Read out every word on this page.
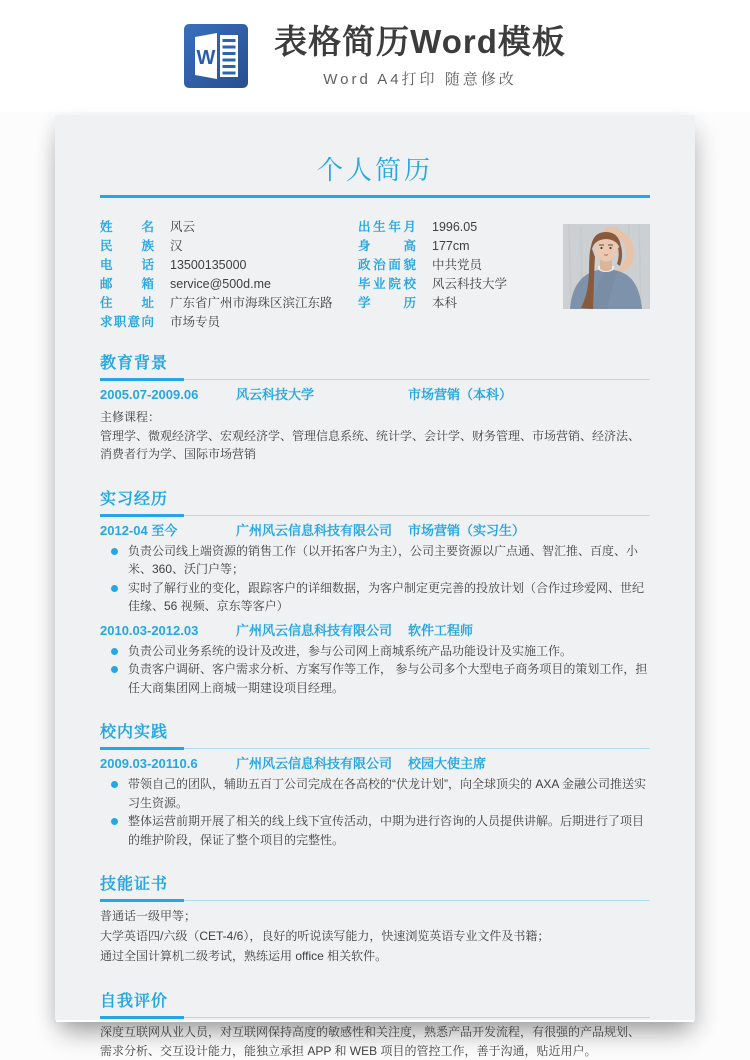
W 表格简历Word模板
Word A4打印 随意修改
个人简历
姓名 风云
民族 汉
电话 13500135000
邮箱 service@500d.me
住址 广东省广州市海珠区滨江东路
求职意向 市场专员
出生年月 1996.05
身高 177cm
政治面貌 中共党员
毕业院校 风云科技大学
学历 本科
教育背景
2005.07-2009.06	风云科技大学	市场营销（本科）

主修课程：

管理学、微观经济学、宏观经济学、管理信息系统、统计学、会计学、财务管理、市场营销、经济法、消费者行为学、国际市场营销

实习经历
2012-04 至今	广州风云信息科技有限公司	市场营销（实习生）
负责公司线上端资源的销售工作（以开拓客户为主），公司主要资源以广点通、智汇推、百度、小米、360、沃门户等；
实时了解行业的变化，跟踪客户的详细数据，为客户制定更完善的投放计划（合作过珍爱网、世纪佳缘、56 视频、京东等客户）
2010.03-2012.03	广州风云信息科技有限公司	软件工程师
负责公司业务系统的设计及改进，参与公司网上商城系统产品功能设计及实施工作。
负责客户调研、客户需求分析、方案写作等工作， 参与公司多个大型电子商务项目的策划工作，担任大商集团网上商城一期建设项目经理。
校内实践
2009.03-20110.6	广州风云信息科技有限公司	校园大使主席
带领自己的团队，辅助五百丁公司完成在各高校的“伏龙计划”，向全球顶尖的 AXA 金融公司推送实习生资源。
整体运营前期开展了相关的线上线下宣传活动，中期为进行咨询的人员提供讲解。后期进行了项目的维护阶段，保证了整个项目的完整性。
技能证书

普通话一级甲等；

大学英语四/六级（CET-4/6），良好的听说读写能力，快速浏览英语专业文件及书籍；

通过全国计算机二级考试，熟练运用 office 相关软件。

自我评价

深度互联网从业人员，对互联网保持高度的敏感性和关注度，熟悉产品开发流程，有很强的产品规划、需求分析、交互设计能力，能独立承担 APP 和 WEB 项目的管控工作，善于沟通，贴近用户。
